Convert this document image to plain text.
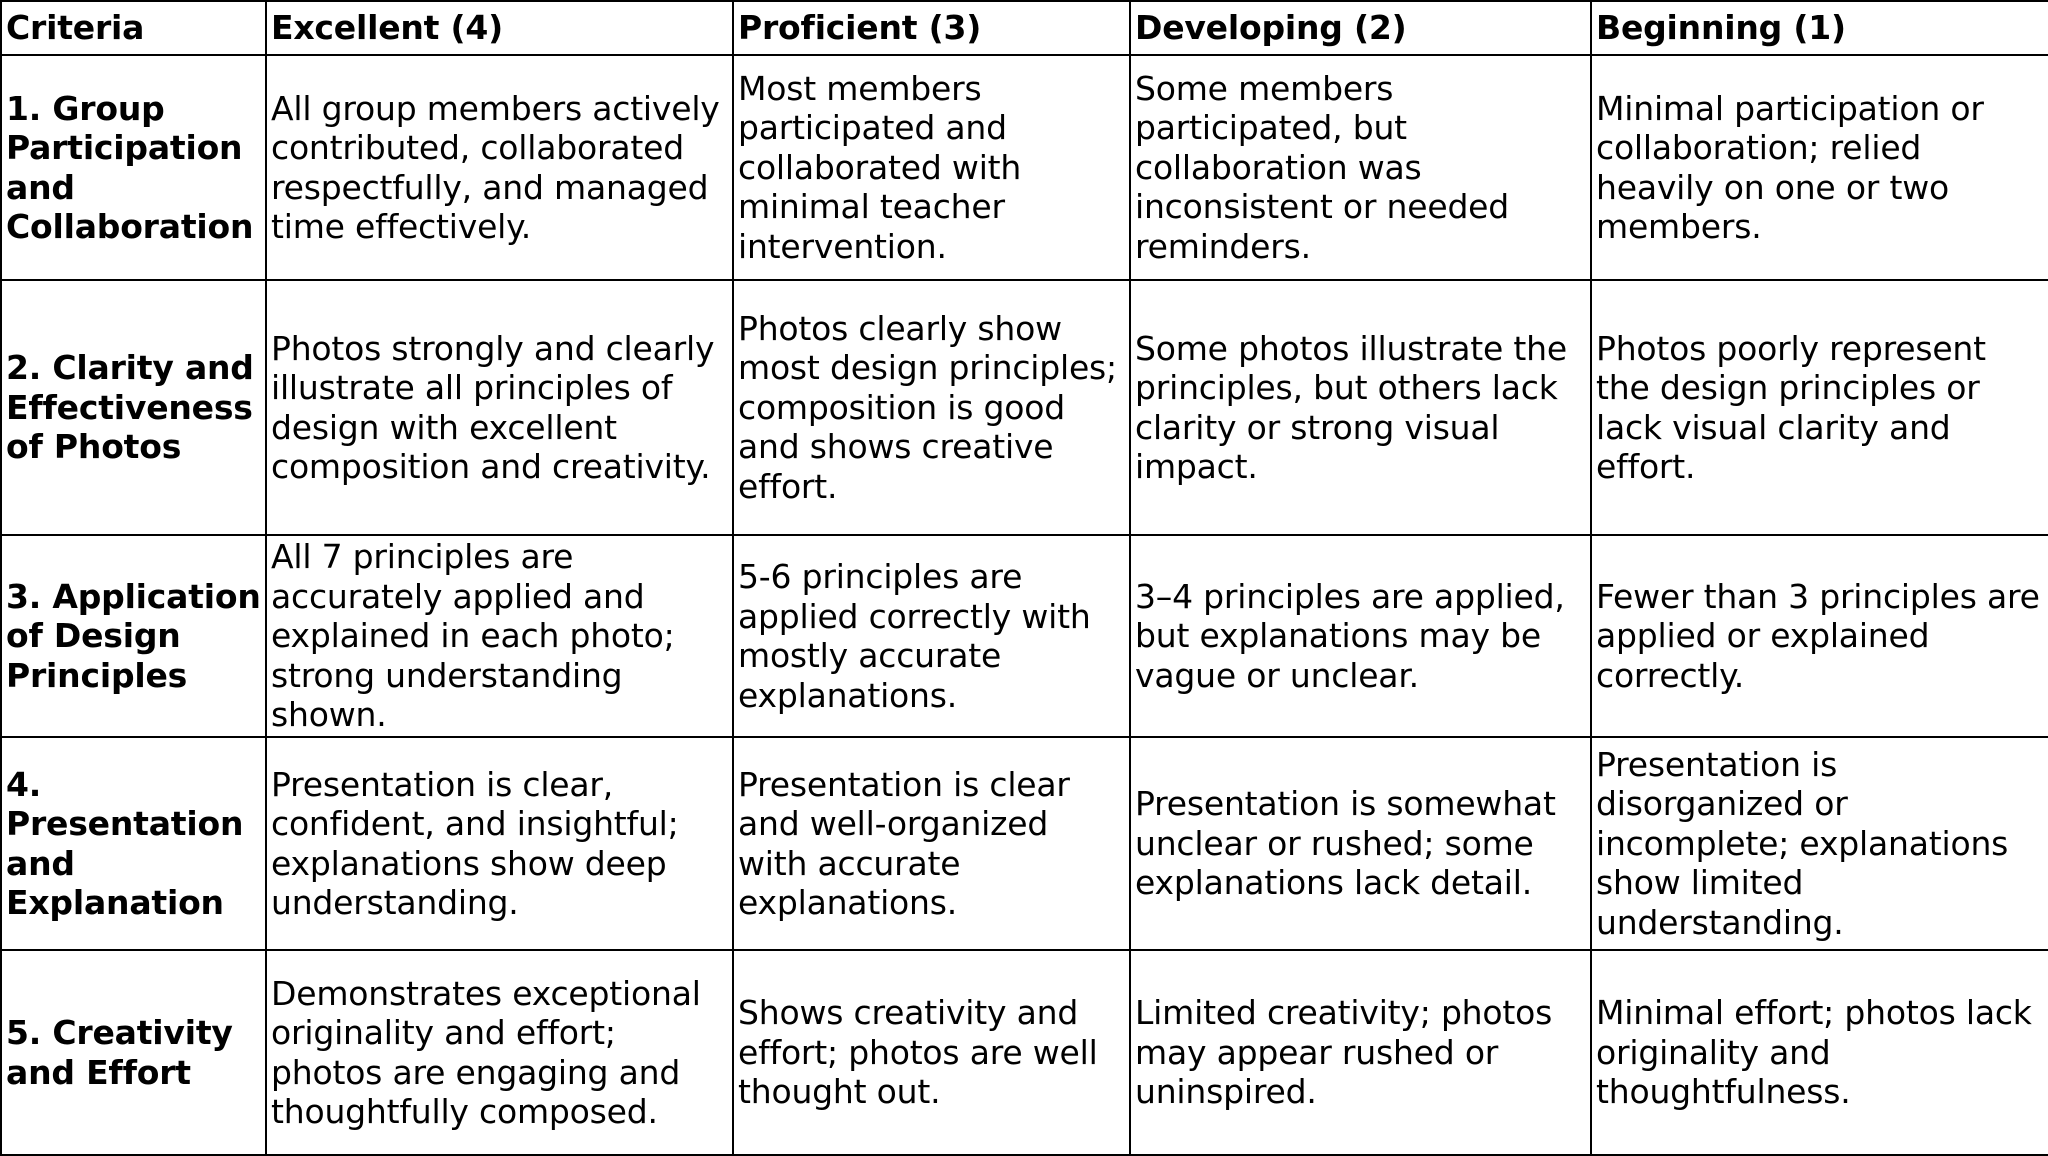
Criteria	Excellent (4)	Proficient (3)	Developing (2)	Beginning (1)
1. Group Participation and Collaboration	All group members actively contributed, collaborated respectfully, and managed time effectively.	Most members participated and collaborated with minimal teacher intervention.	Some members participated, but collaboration was inconsistent or needed reminders.	Minimal participation or collaboration; relied heavily on one or two members.
2. Clarity and Effectiveness of Photos	Photos strongly and clearly illustrate all principles of design with excellent composition and creativity.	Photos clearly show most design principles; composition is good and shows creative effort.	Some photos illustrate the principles, but others lack clarity or strong visual impact.	Photos poorly represent the design principles or lack visual clarity and effort.
3. Application of Design Principles	All 7 principles are accurately applied and explained in each photo; strong understanding shown.	5-6 principles are applied correctly with mostly accurate explanations.	3–4 principles are applied, but explanations may be vague or unclear.	Fewer than 3 principles are applied or explained correctly.
4. Presentation and Explanation	Presentation is clear, confident, and insightful; explanations show deep understanding.	Presentation is clear and well-organized with accurate explanations.	Presentation is somewhat unclear or rushed; some explanations lack detail.	Presentation is disorganized or incomplete; explanations show limited understanding.
5. Creativity and Effort	Demonstrates exceptional originality and effort; photos are engaging and thoughtfully composed.	Shows creativity and effort; photos are well thought out.	Limited creativity; photos may appear rushed or uninspired.	Minimal effort; photos lack originality and thoughtfulness.
